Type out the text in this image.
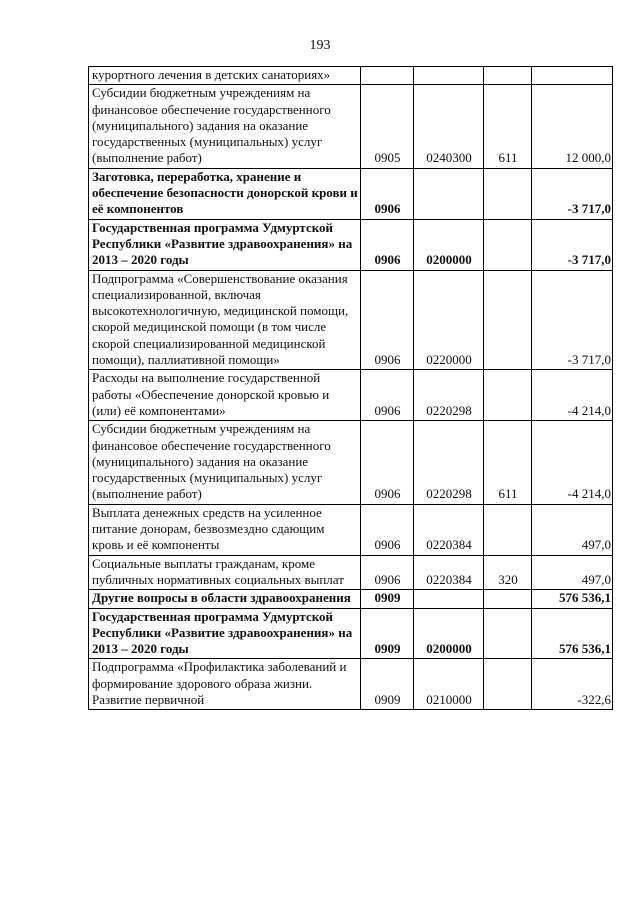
193
курортного лечения в детских санаториях»				
Субсидии бюджетным учреждениям на финансовое обеспечение государственного (муниципального) задания на оказание государственных (муниципальных) услуг (выполнение работ)	0905	0240300	611	12 000,0
Заготовка, переработка, хранение и обеспечение безопасности донорской крови и её компонентов	0906			-3 717,0
Государственная программа Удмуртской Республики «Развитие здравоохранения» на 2013 – 2020 годы	0906	0200000		-3 717,0
Подпрограмма «Совершенствование оказания специализированной, включая высокотехнологичную, медицинской помощи, скорой медицинской помощи (в том числе скорой специализированной медицинской помощи), паллиативной помощи»	0906	0220000		-3 717,0
Расходы на выполнение государственной работы «Обеспечение донорской кровью и (или) её компонентами»	0906	0220298		-4 214,0
Субсидии бюджетным учреждениям на финансовое обеспечение государственного (муниципального) задания на оказание государственных (муниципальных) услуг (выполнение работ)	0906	0220298	611	-4 214,0
Выплата денежных средств на усиленное питание донорам, безвозмездно сдающим кровь и её компоненты	0906	0220384		497,0
Социальные выплаты гражданам, кроме публичных нормативных социальных выплат	0906	0220384	320	497,0
Другие вопросы в области здравоохранения	0909			576 536,1
Государственная программа Удмуртской Республики «Развитие здравоохранения» на 2013 – 2020 годы	0909	0200000		576 536,1
Подпрограмма «Профилактика заболеваний и формирование здорового образа жизни. Развитие первичной	0909	0210000		-322,6
